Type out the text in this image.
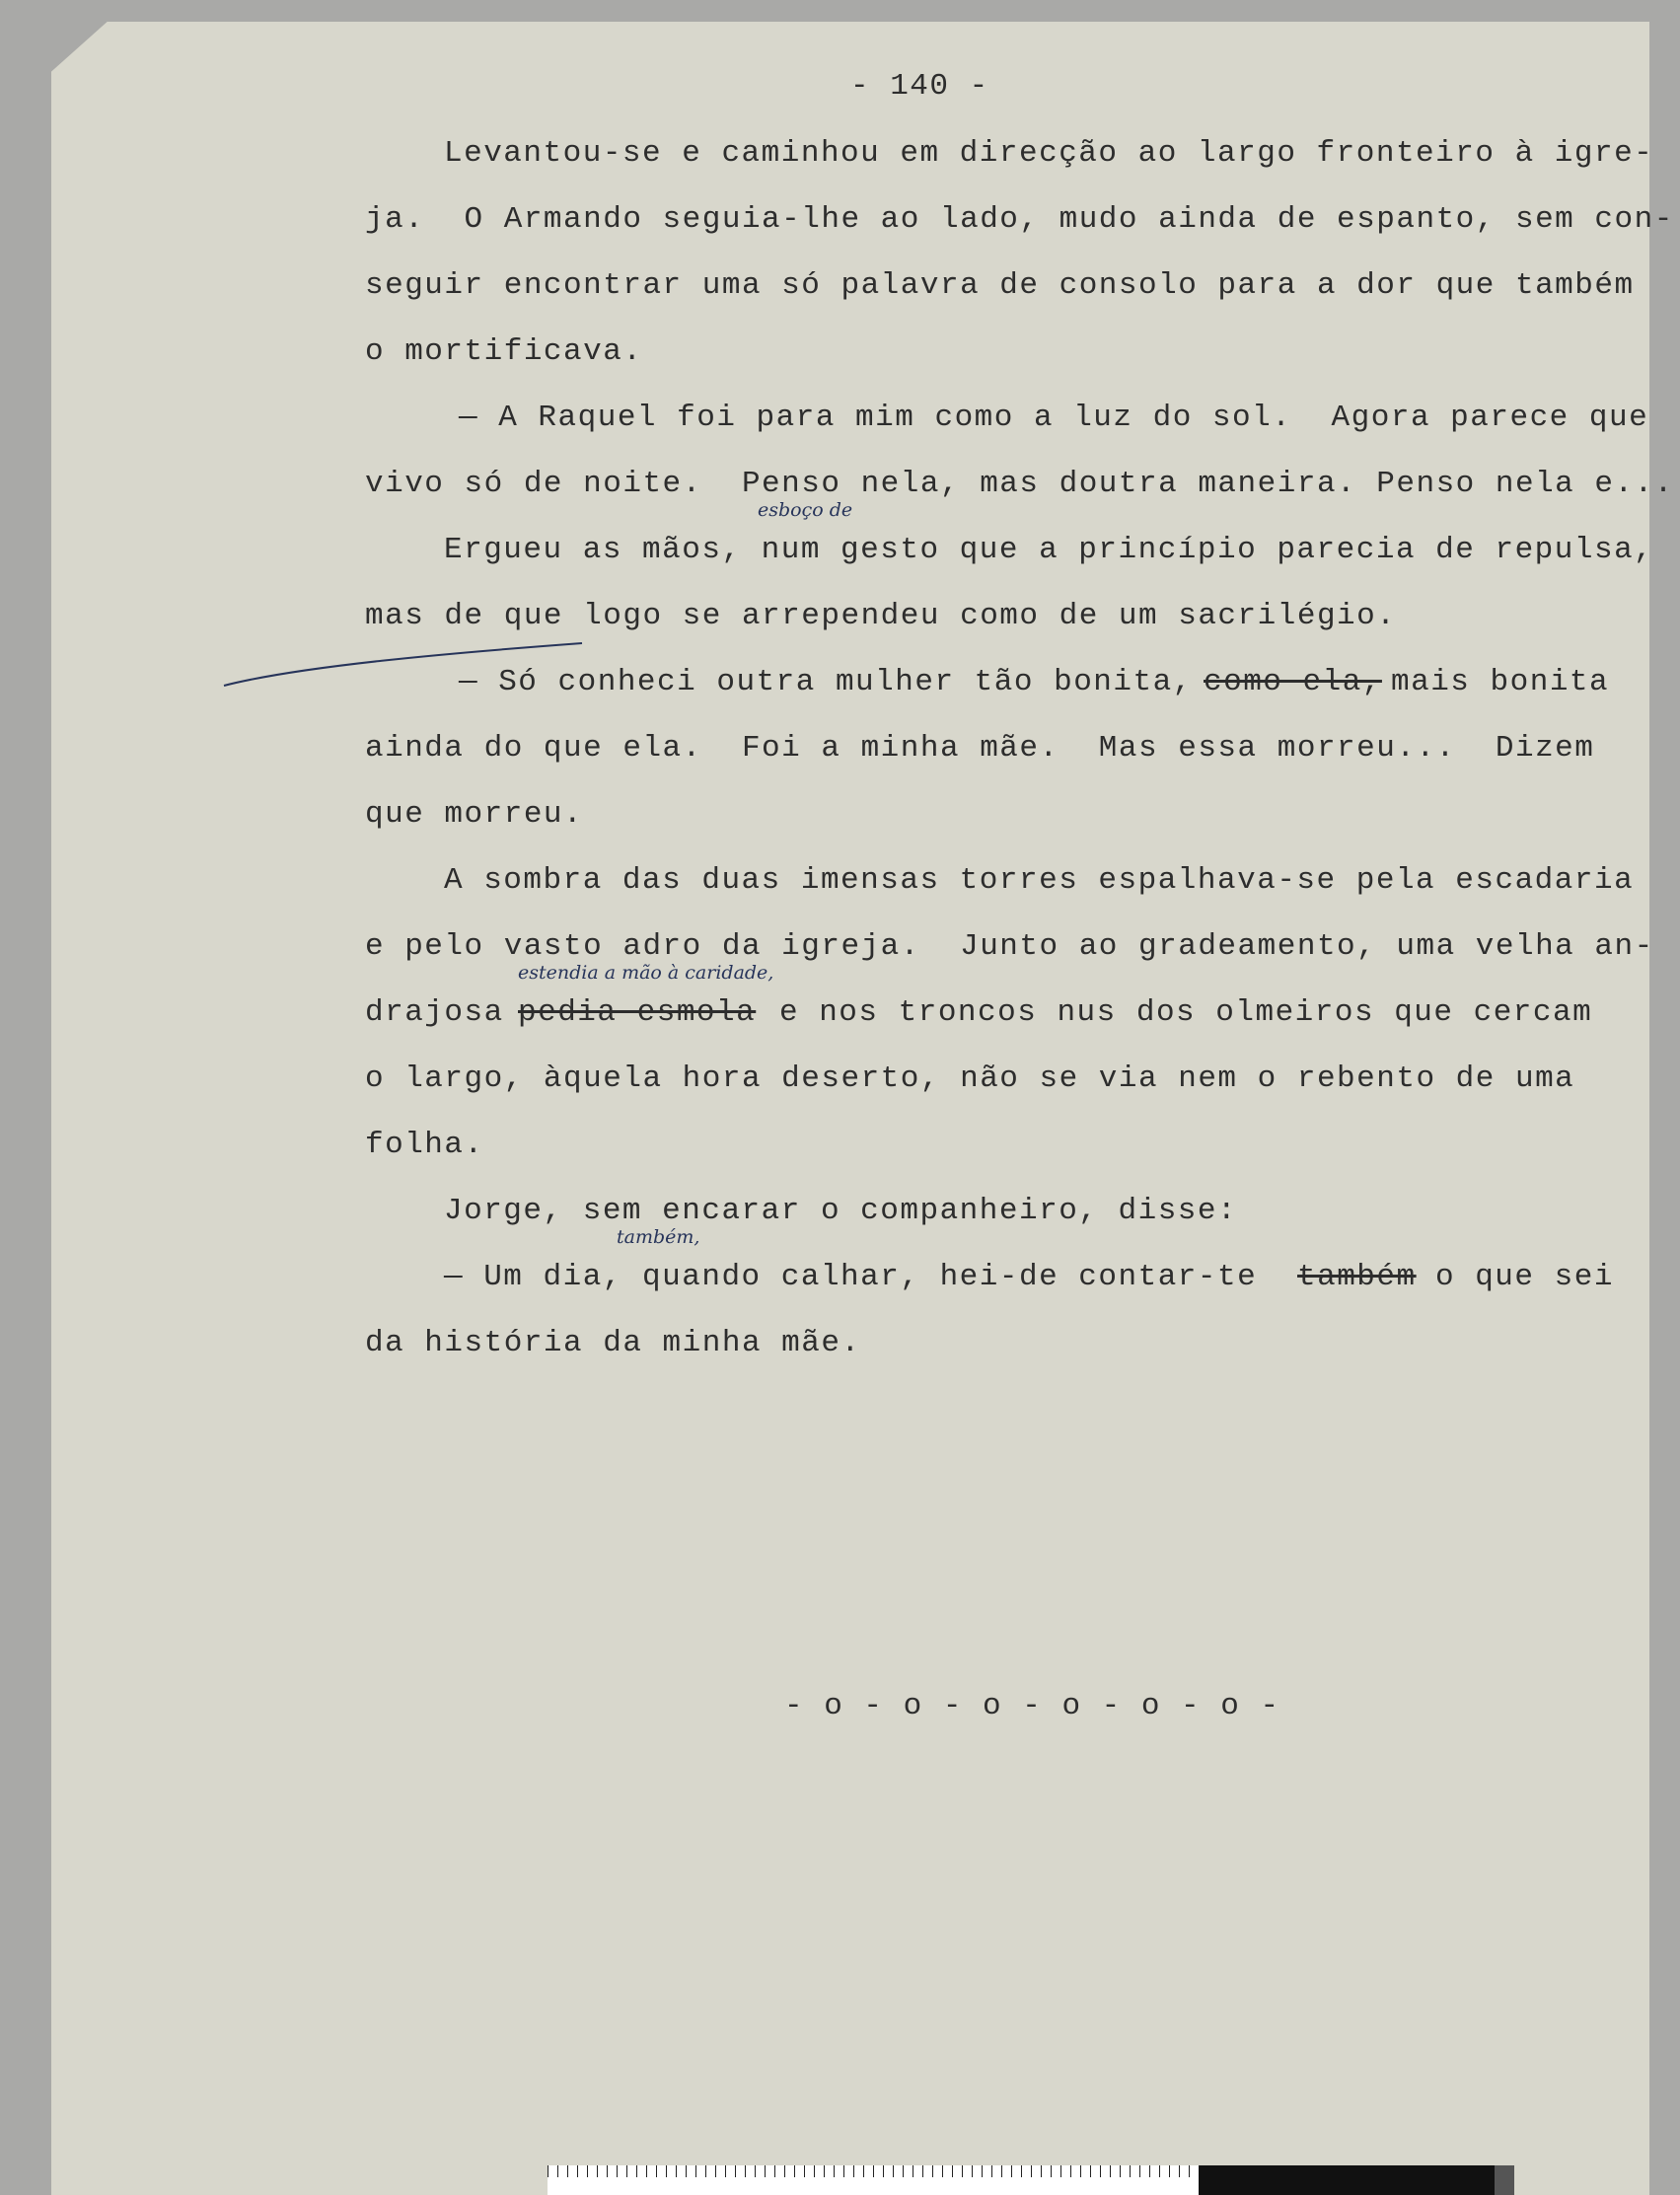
- 140 -
Levantou-se e caminhou em direcção ao largo fronteiro à igre-
ja.  O Armando seguia-lhe ao lado, mudo ainda de espanto, sem con-
seguir encontrar uma só palavra de consolo para a dor que também
o mortificava.
— A Raquel foi para mim como a luz do sol.  Agora parece que
vivo só de noite.  Penso nela, mas doutra maneira. Penso nela e...
esboço de
Ergueu as mãos, num gesto que a princípio parecia de repulsa,
mas de que logo se arrependeu como de um sacrilégio.
— Só conheci outra mulher tão bonita, como ela, mais bonita
ainda do que ela.  Foi a minha mãe.  Mas essa morreu...  Dizem
que morreu.
A sombra das duas imensas torres espalhava-se pela escadaria
e pelo vasto adro da igreja.  Junto ao gradeamento, uma velha an-
estendia a mão à caridade,
drajosa pedia esmola e nos troncos nus dos olmeiros que cercam
o largo, àquela hora deserto, não se via nem o rebento de uma
folha.
Jorge, sem encarar o companheiro, disse:
também,
— Um dia, quando calhar, hei-de contar-te também o que sei
da história da minha mãe.
- o - o - o - o - o - o -
